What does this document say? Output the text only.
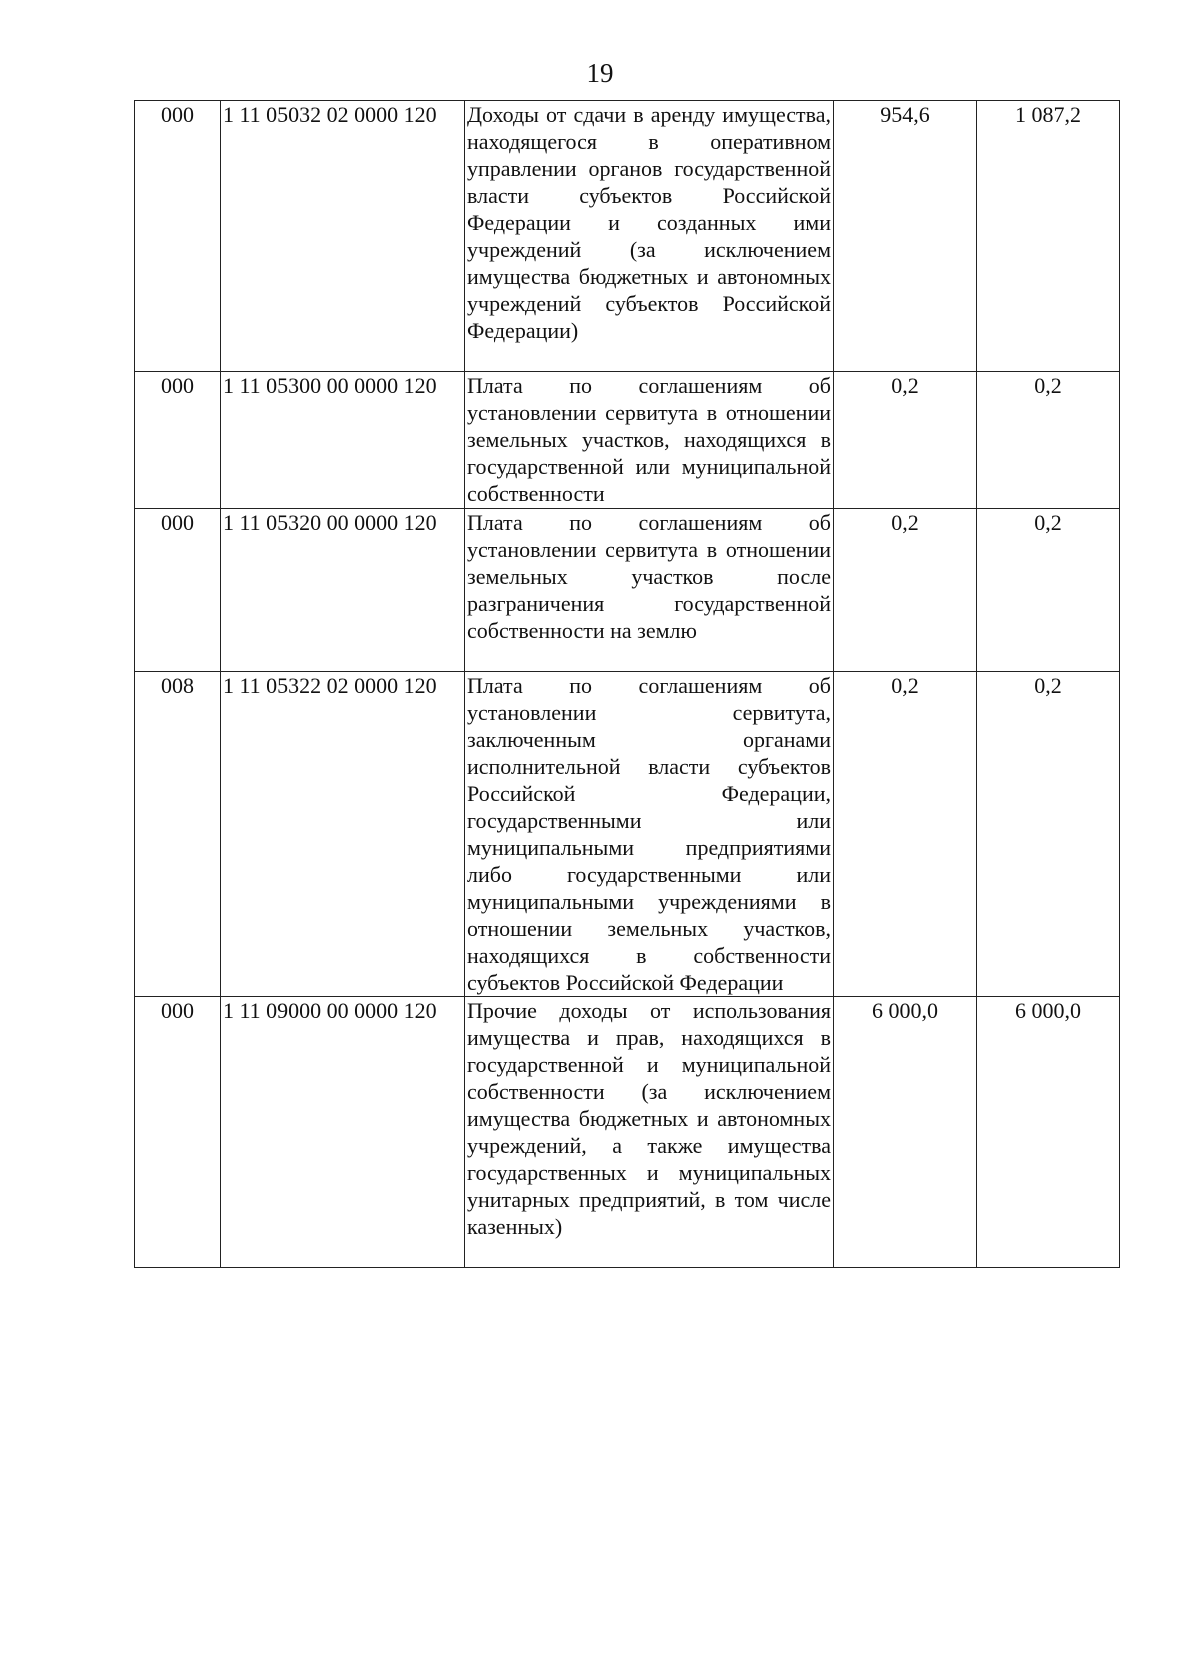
19
000	1 11 05032 02 0000 120	Доходы от сдачи в аренду имущества, находящегося в оперативном управлении органов государственной власти субъектов Российской Федерации и созданных ими учреждений (за исключением имущества бюджетных и автономных учреждений субъектов Российской Федерации)	954,6	1 087,2
000	1 11 05300 00 0000 120	Плата по соглашениям об установлении сервитута в отношении земельных участков, находящихся в государственной или муниципальной собственности	0,2	0,2
000	1 11 05320 00 0000 120	Плата по соглашениям об установлении сервитута в отношении земельных участков после разграничения государственной собственности на землю	0,2	0,2
008	1 11 05322 02 0000 120	Плата по соглашениям об установлении сервитута, заключенным органами исполнительной власти субъектов Российской Федерации, государственными или муниципальными предприятиями либо государственными или муниципальными учреждениями в отношении земельных участков, находящихся в собственности субъектов Российской Федерации	0,2	0,2
000	1 11 09000 00 0000 120	Прочие доходы от использования имущества и прав, находящихся в государственной и муниципальной собственности (за исключением имущества бюджетных и автономных учреждений, а также имущества государственных и муниципальных унитарных предприятий, в том числе казенных)	6 000,0	6 000,0
